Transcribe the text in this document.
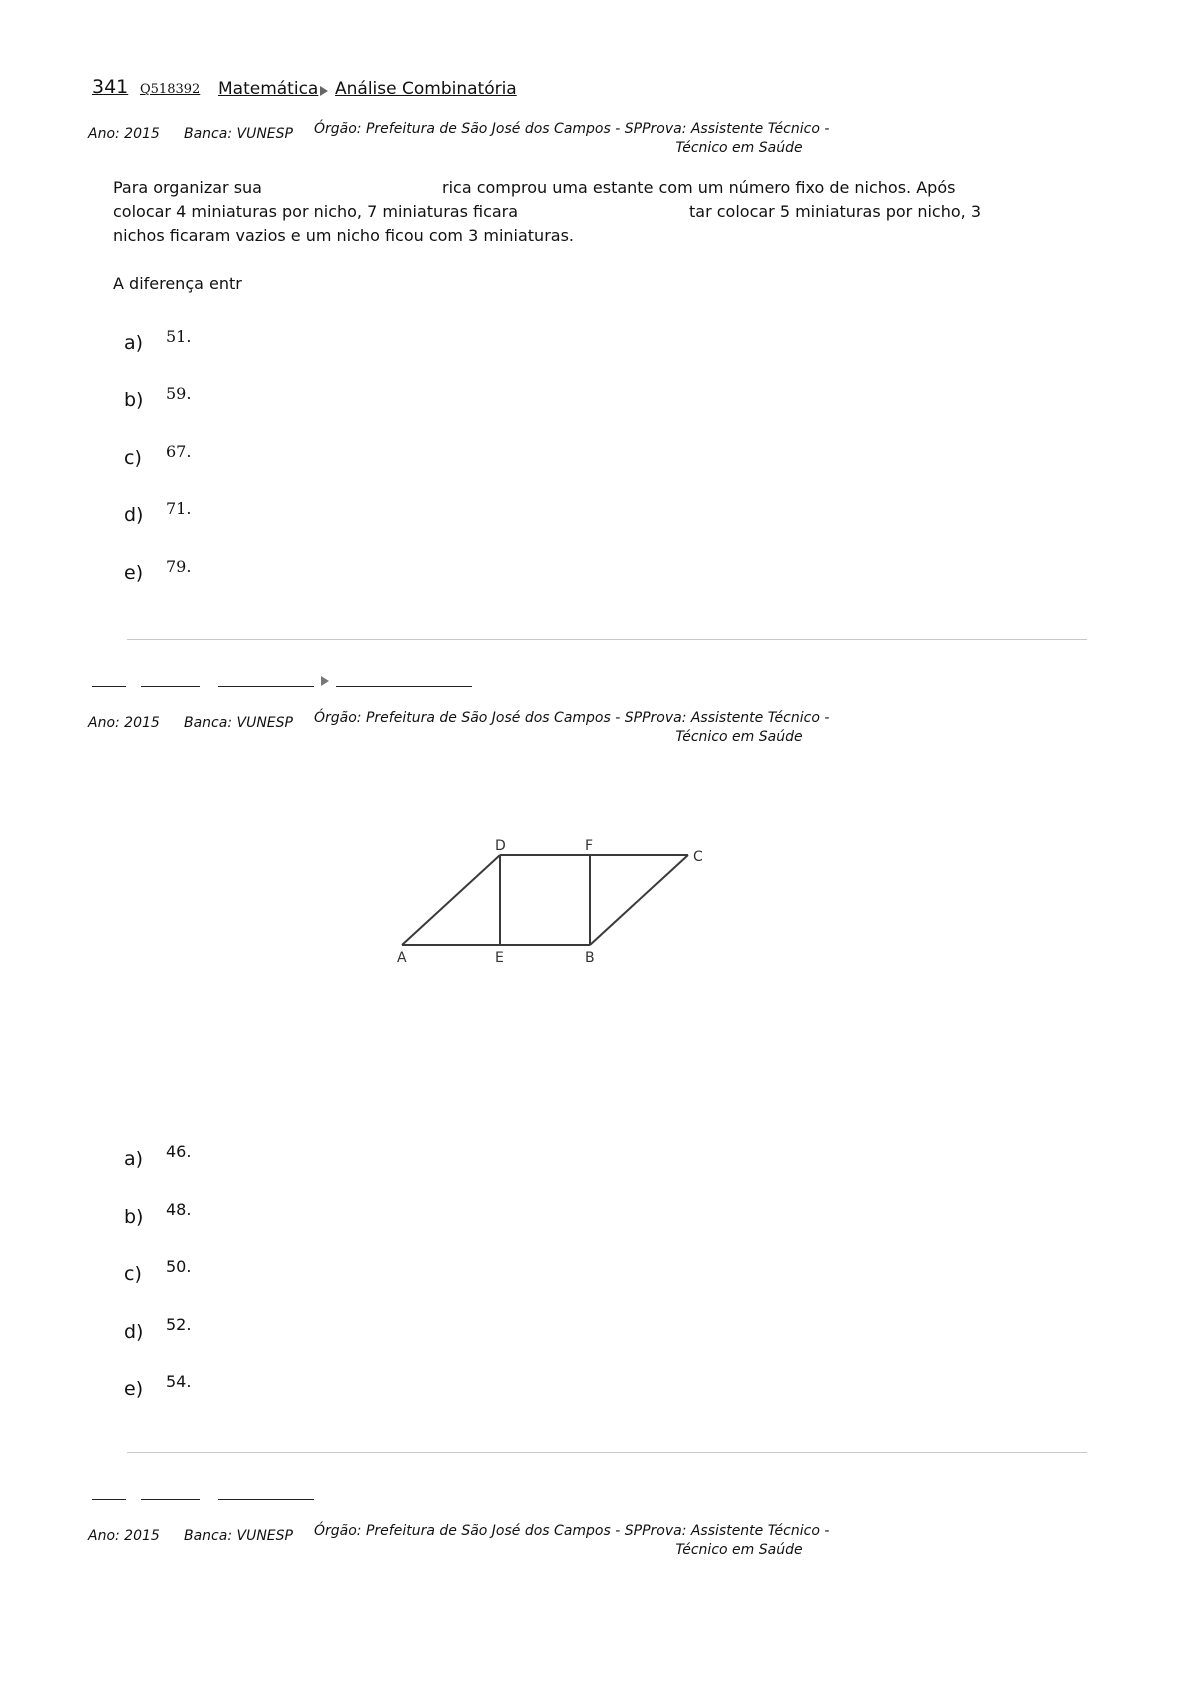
341 Q518392 Matemática Análise Combinatória
Ano: 2015 Banca: VUNESP Órgão: Prefeitura de São José dos Campos - SPProva: Assistente Técnico -
Técnico em Saúde
Para organizar sua	rica comprou uma estante com um número fixo de nichos. Após
colocar 4 miniaturas por nicho, 7 miniaturas ficara	tar colocar 5 miniaturas por nicho, 3
nichos ficaram vazios e um nicho ficou com 3 miniaturas.
A diferença entr
a) 51.
b) 59.
c) 67.
d) 71.
e) 79.
Ano: 2015 Banca: VUNESP Órgão: Prefeitura de São José dos Campos - SPProva: Assistente Técnico -
Técnico em Saúde
A	E	B
D	F
C
a) 46.
b) 48.
c) 50.
d) 52.
e) 54.
Ano: 2015 Banca: VUNESP Órgão: Prefeitura de São José dos Campos - SPProva: Assistente Técnico -
Técnico em Saúde
